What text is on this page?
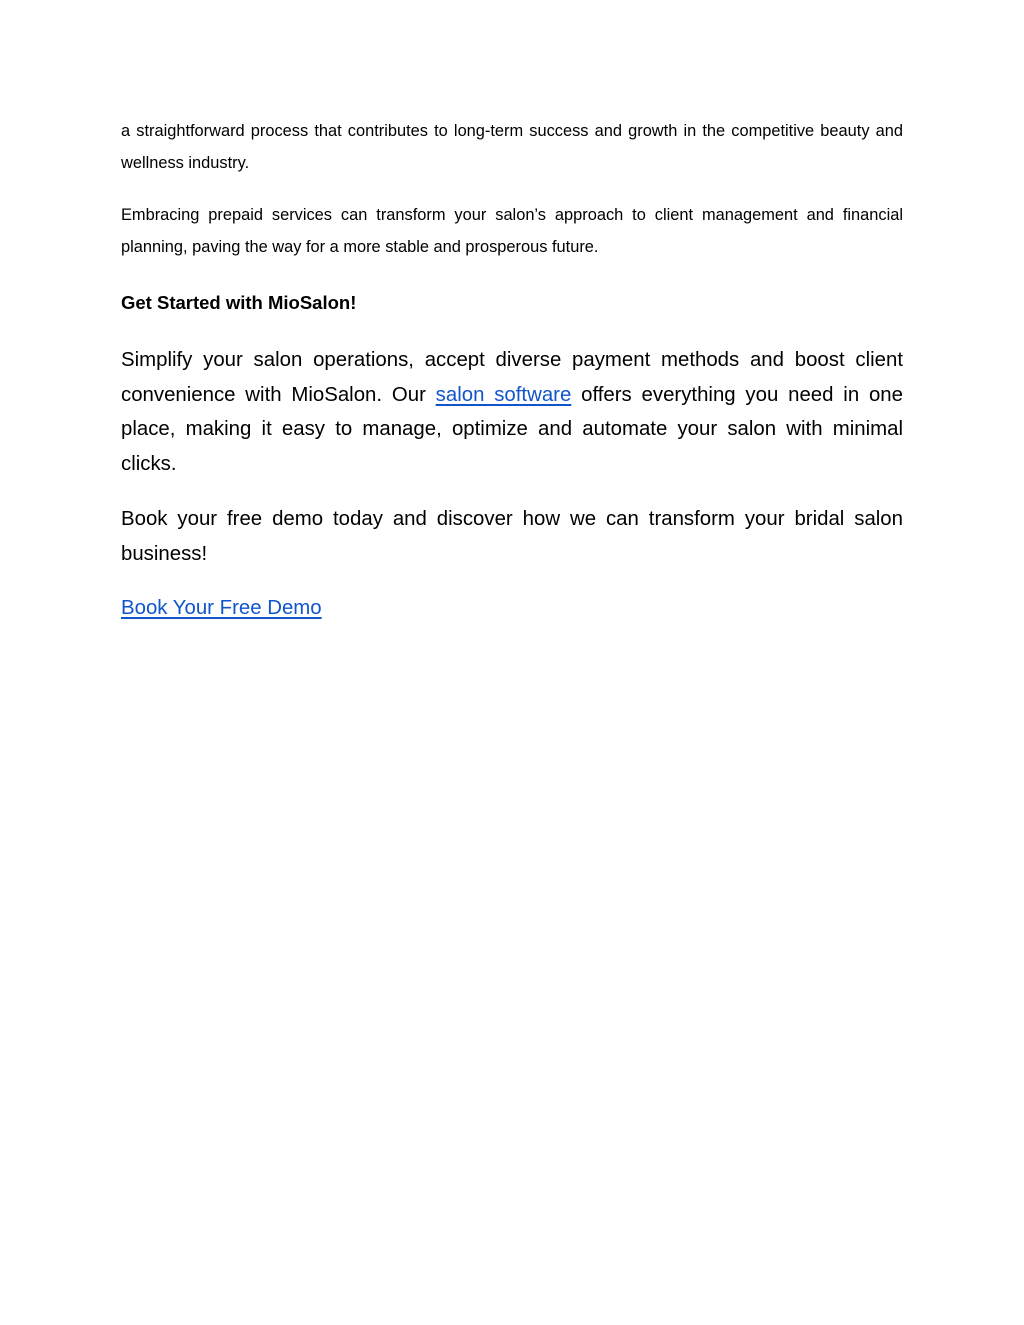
a straightforward process that contributes to long-term success and growth in the competitive beauty and wellness industry.

Embracing prepaid services can transform your salon’s approach to client management and financial planning, paving the way for a more stable and prosperous future.

Get Started with MioSalon!

Simplify your salon operations, accept diverse payment methods and boost client convenience with MioSalon. Our salon software offers everything you need in one place, making it easy to manage, optimize and automate your salon with minimal clicks.

Book your free demo today and discover how we can transform your bridal salon business!

Book Your Free Demo
